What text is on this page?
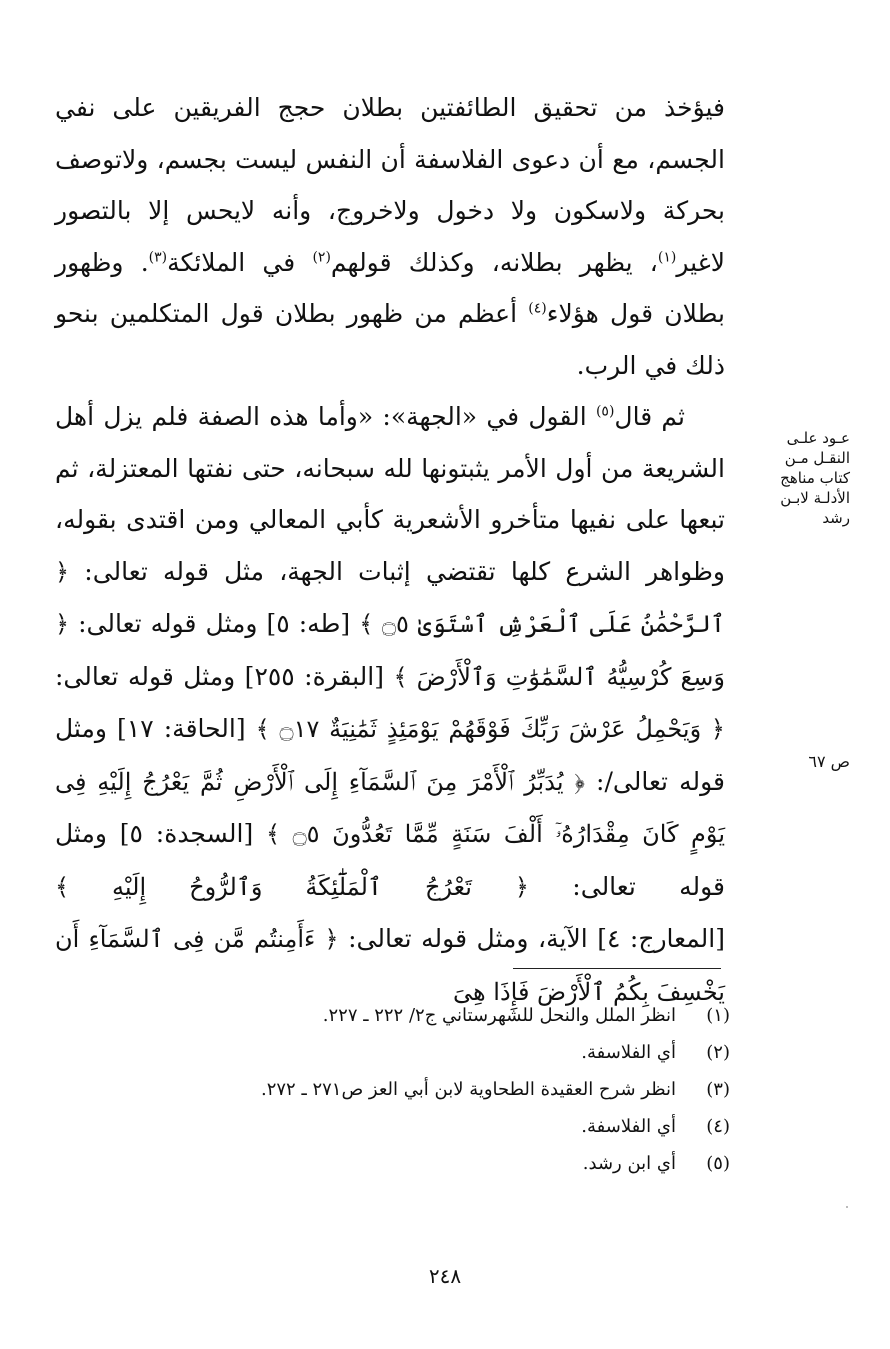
فيؤخذ من تحقيق الطائفتين بطلان حجج الفريقين على نفي الجسم، مع أن دعوى الفلاسفة أن النفس ليست بجسم، ولاتوصف بحركة ولاسكون ولا دخول ولاخروج، وأنه لايحس إلا بالتصور لاغير$^{(١)}$، يظهر بطلانه، وكذلك قولهم$^{(٢)}$ في الملائكة$^{(٣)}$. وظهور بطلان قول هؤلاء$^{(٤)}$ أعظم من ظهور بطلان قول المتكلمين بنحو ذلك في الرب.

ثم قال$^{(٥)}$ القول في «الجهة»: «وأما هذه الصفة فلم يزل أهل الشريعة من أول الأمر يثبتونها لله سبحانه، حتى نفتها المعتزلة، ثم تبعها على نفيها متأخرو الأشعرية كأبي المعالي ومن اقتدى بقوله، وظواهر الشرع كلها تقتضي إثبات الجهة، مثل قوله تعالى: ﴿ ٱلرَّحْمَٰنُ عَلَى ٱلْعَرْشِ ٱسْتَوَىٰ ۝٥ ﴾ [طه: ٥] ومثل قوله تعالى: ﴿ وَسِعَ كُرْسِيُّهُ ٱلسَّمَٰوَٰتِ وَٱلْأَرْضَ ﴾ [البقرة: ٢٥٥] ومثل قوله تعالى: ﴿ وَيَحْمِلُ عَرْشَ رَبِّكَ فَوْقَهُمْ يَوْمَئِذٍ ثَمَٰنِيَةٌ ۝١٧ ﴾ [الحاقة: ١٧] ومثل قوله تعالى/: ﴿ يُدَبِّرُ ٱلْأَمْرَ مِنَ ٱلسَّمَآءِ إِلَى ٱلْأَرْضِ ثُمَّ يَعْرُجُ إِلَيْهِ فِى يَوْمٍ كَانَ مِقْدَارُهُۥٓ أَلْفَ سَنَةٍ مِّمَّا تَعُدُّونَ ۝٥ ﴾ [السجدة: ٥] ومثل قوله تعالى: ﴿ تَعْرُجُ ٱلْمَلَٰٓئِكَةُ وَٱلرُّوحُ إِلَيْهِ ﴾ [المعارج: ٤] الآية، ومثل قوله تعالى: ﴿ ءَأَمِنتُم مَّن فِى ٱلسَّمَآءِ أَن يَخْسِفَ بِكُمُ ٱلْأَرْضَ فَإِذَا هِىَ

عـود علـى النقـل مـن كتاب مناهج الأدلـة لابـن رشد
ص ٦٧
(١)
انظر الملل والنحل للشهرستاني ج٢/ ٢٢٢ ـ ٢٢٧.
(٢)
أي الفلاسفة.
(٣)
انظر شرح العقيدة الطحاوية لابن أبي العز ص٢٧١ ـ ٢٧٢.
(٤)
أي الفلاسفة.
(٥)
أي ابن رشد.
٢٤٨
